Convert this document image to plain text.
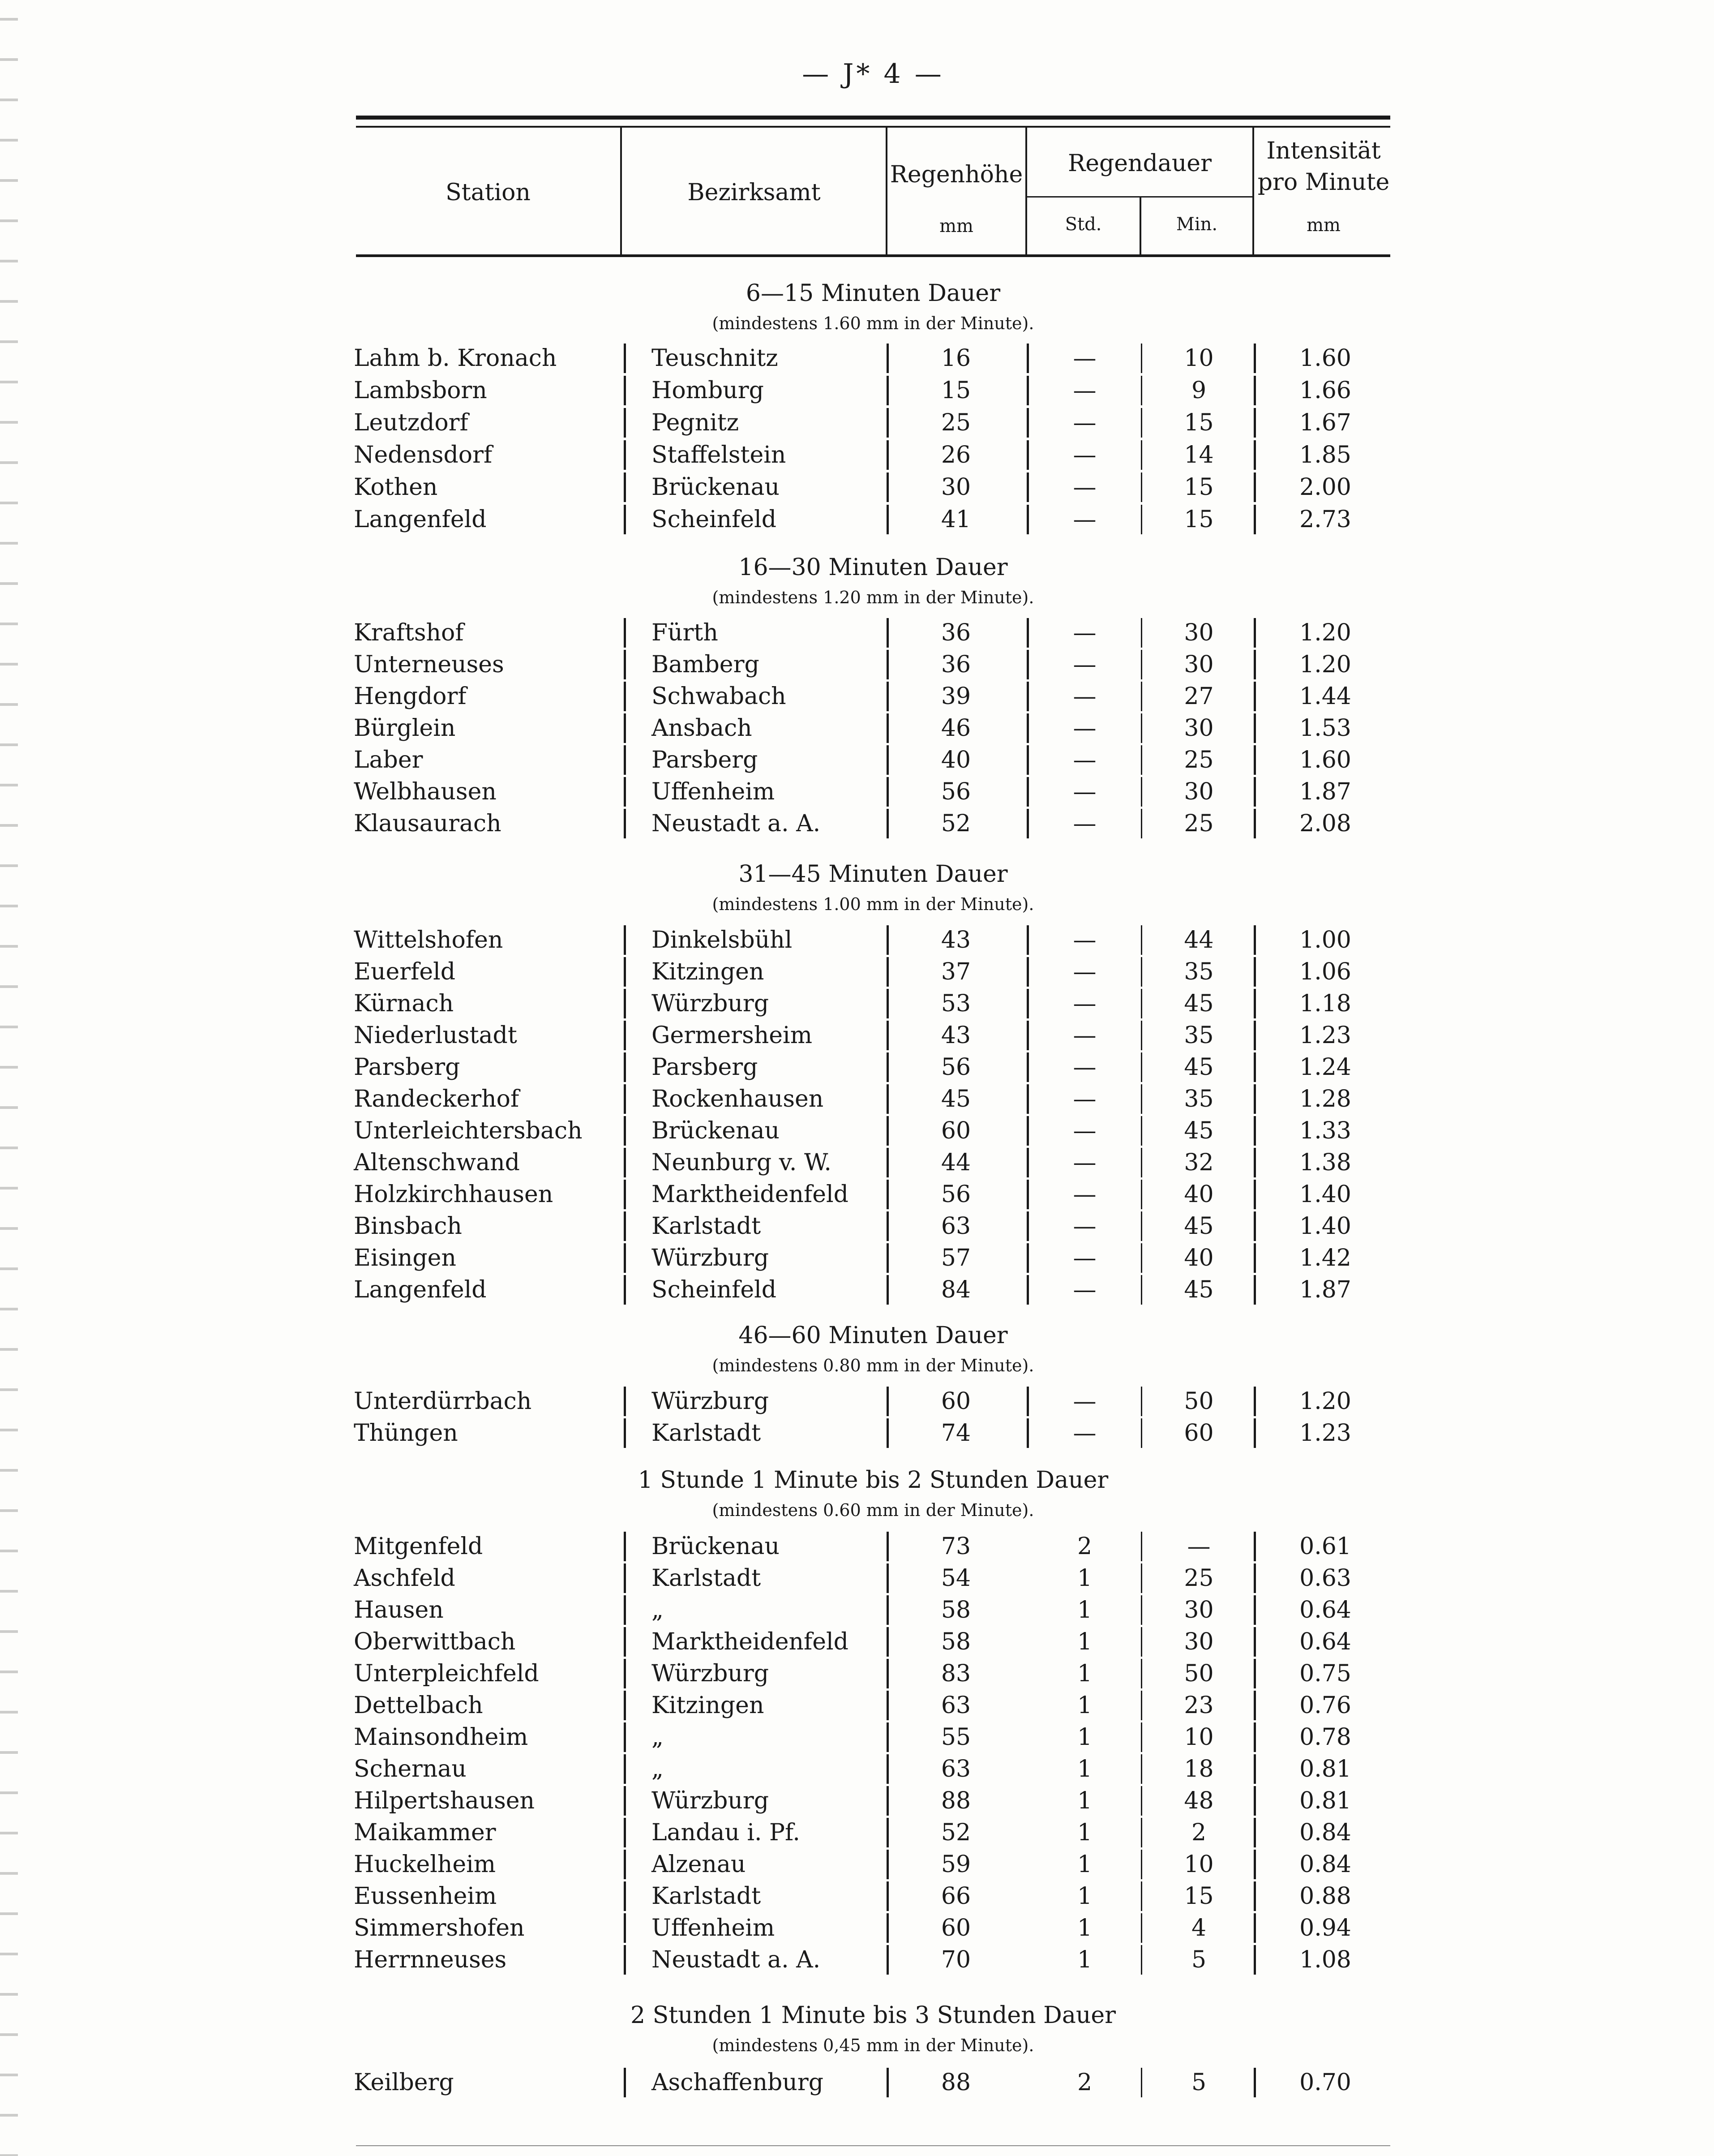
— J* 4 —
Station	Bezirksamt
Regenhöhe
mm
Regendauer
Std.	Min.
Intensität
pro Minute
mm
6—15 Minuten Dauer
(mindestens 1.60 mm in der Minute).
Lahm b. Kronach	Teuschnitz	16	—	10	1.60
Lambsborn	Homburg	15	—	9	1.66
Leutzdorf	Pegnitz	25	—	15	1.67
Nedensdorf	Staffelstein	26	—	14	1.85
Kothen	Brückenau	30	—	15	2.00
Langenfeld	Scheinfeld	41	—	15	2.73
16—30 Minuten Dauer
(mindestens 1.20 mm in der Minute).
Kraftshof	Fürth	36	—	30	1.20
Unterneuses	Bamberg	36	—	30	1.20
Hengdorf	Schwabach	39	—	27	1.44
Bürglein	Ansbach	46	—	30	1.53
Laber	Parsberg	40	—	25	1.60
Welbhausen	Uffenheim	56	—	30	1.87
Klausaurach	Neustadt a. A.	52	—	25	2.08
31—45 Minuten Dauer
(mindestens 1.00 mm in der Minute).
Wittelshofen	Dinkelsbühl	43	—	44	1.00
Euerfeld	Kitzingen	37	—	35	1.06
Kürnach	Würzburg	53	—	45	1.18
Niederlustadt	Germersheim	43	—	35	1.23
Parsberg	Parsberg	56	—	45	1.24
Randeckerhof	Rockenhausen	45	—	35	1.28
Unterleichtersbach	Brückenau	60	—	45	1.33
Altenschwand	Neunburg v. W.	44	—	32	1.38
Holzkirchhausen	Marktheidenfeld	56	—	40	1.40
Binsbach	Karlstadt	63	—	45	1.40
Eisingen	Würzburg	57	—	40	1.42
Langenfeld	Scheinfeld	84	—	45	1.87
46—60 Minuten Dauer
(mindestens 0.80 mm in der Minute).
Unterdürrbach	Würzburg	60	—	50	1.20
Thüngen	Karlstadt	74	—	60	1.23
1 Stunde 1 Minute bis 2 Stunden Dauer
(mindestens 0.60 mm in der Minute).
Mitgenfeld	Brückenau	73	2	—	0.61
Aschfeld	Karlstadt	54	1	25	0.63
Hausen	„	58	1	30	0.64
Oberwittbach	Marktheidenfeld	58	1	30	0.64
Unterpleichfeld	Würzburg	83	1	50	0.75
Dettelbach	Kitzingen	63	1	23	0.76
Mainsondheim	„	55	1	10	0.78
Schernau	„	63	1	18	0.81
Hilpertshausen	Würzburg	88	1	48	0.81
Maikammer	Landau i. Pf.	52	1	2	0.84
Huckelheim	Alzenau	59	1	10	0.84
Eussenheim	Karlstadt	66	1	15	0.88
Simmershofen	Uffenheim	60	1	4	0.94
Herrnneuses	Neustadt a. A.	70	1	5	1.08
2 Stunden 1 Minute bis 3 Stunden Dauer
(mindestens 0,45 mm in der Minute).
Keilberg	Aschaffenburg	88	2	5	0.70
